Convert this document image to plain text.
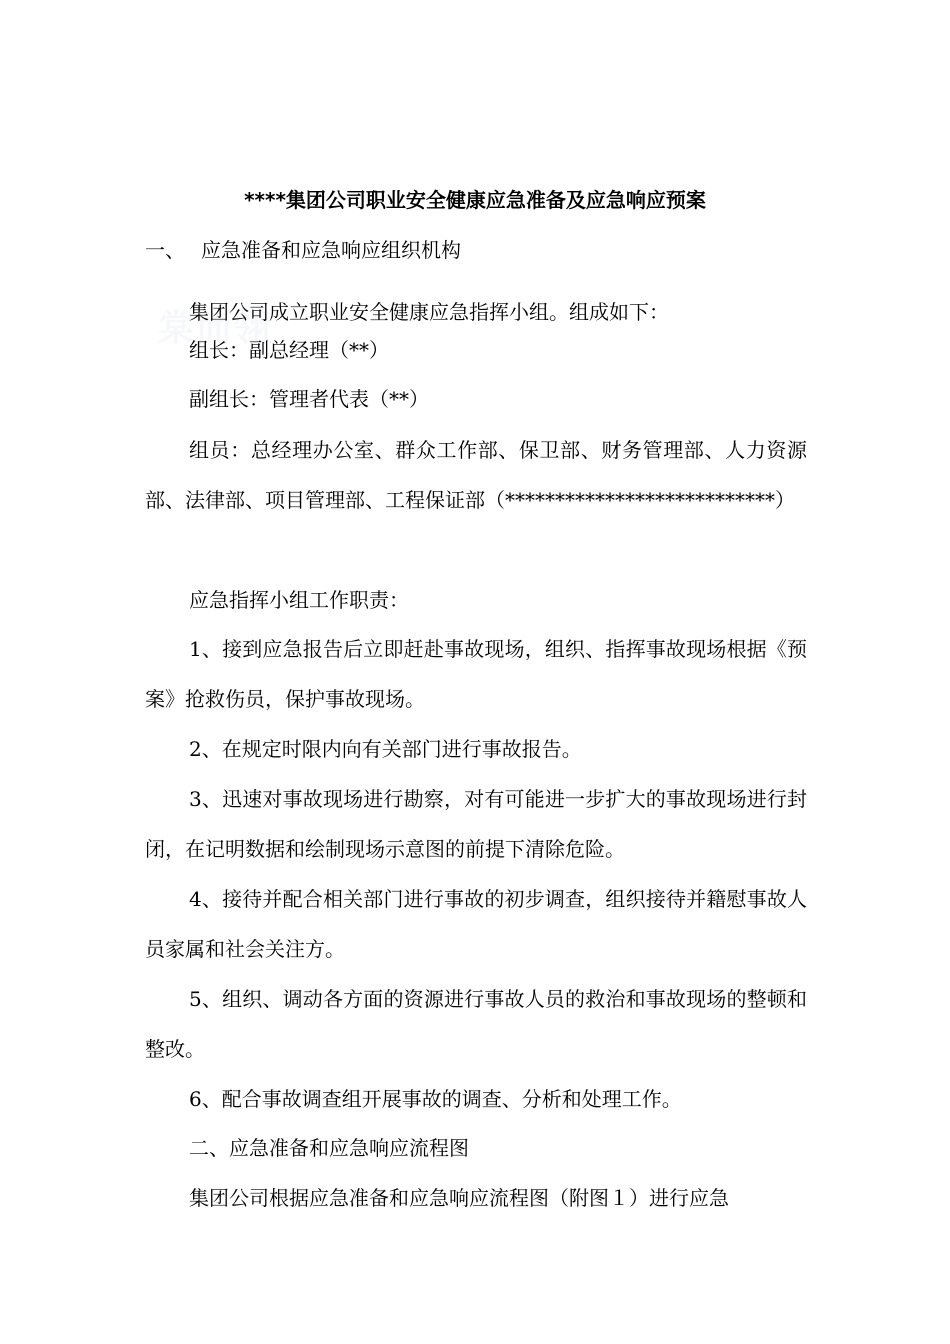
棠而翎
****集团公司职业安全健康应急准备及应急响应预案
一、 应急准备和应急响应组织机构

集团公司成立职业安全健康应急指挥小组。组成如下：

组长：副总经理（**）

副组长：管理者代表（**）

组员：总经理办公室、群众工作部、保卫部、财务管理部、人力资源部、法律部、项目管理部、工程保证部（***************************）

应急指挥小组工作职责：

1、接到应急报告后立即赶赴事故现场，组织、指挥事故现场根据《预案》抢救伤员，保护事故现场。

2、在规定时限内向有关部门进行事故报告。

3、迅速对事故现场进行勘察，对有可能进一步扩大的事故现场进行封闭，在记明数据和绘制现场示意图的前提下清除危险。

4、接待并配合相关部门进行事故的初步调查，组织接待并籍慰事故人员家属和社会关注方。

5、组织、调动各方面的资源进行事故人员的救治和事故现场的整顿和整改。

6、配合事故调查组开展事故的调查、分析和处理工作。

二、应急准备和应急响应流程图

集团公司根据应急准备和应急响应流程图（附图１）进行应急
